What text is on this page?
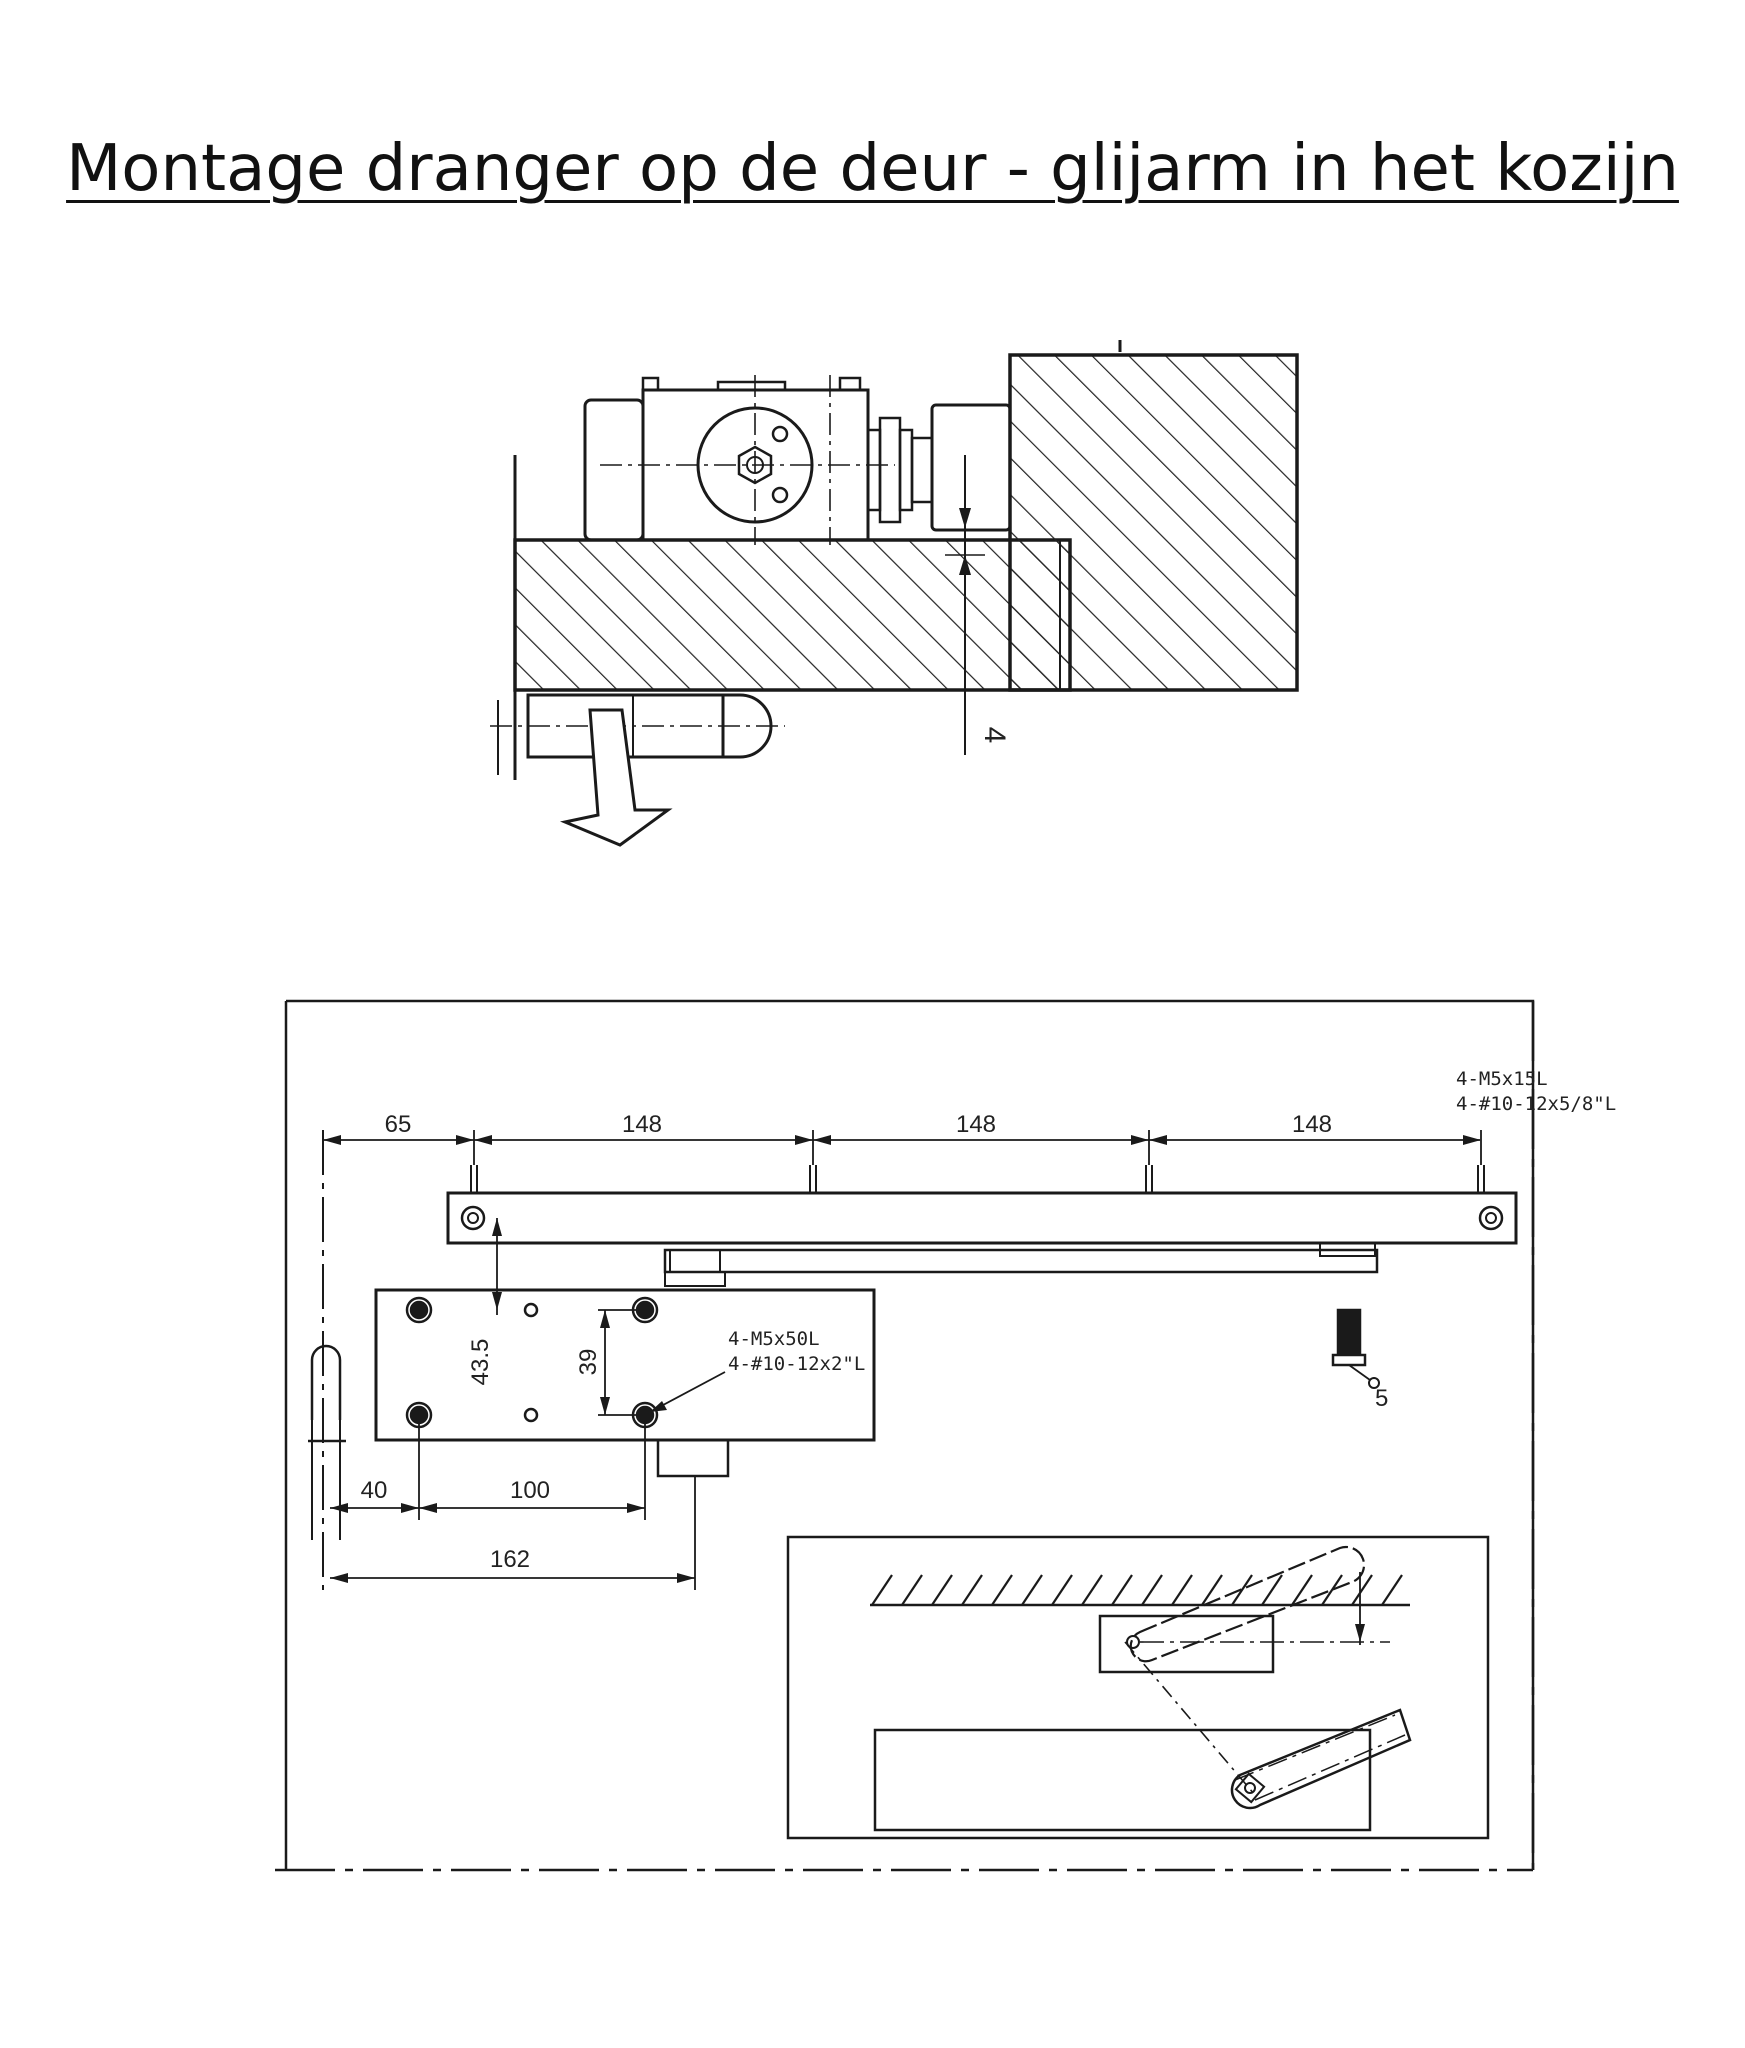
Montage dranger op de deur - glijarm in het kozijn
4
65	148	148	148
43.5	39
40	100
162
4-M5x15L
4-#10-12x5/8"L
4-M5x50L
4-#10-12x2"L
5
